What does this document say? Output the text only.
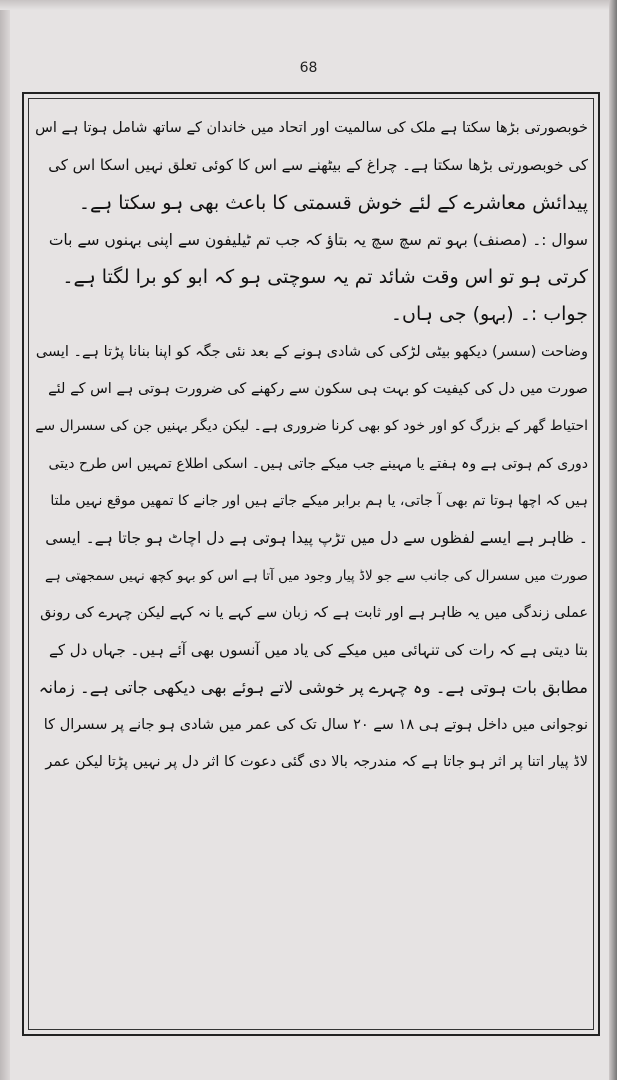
68
خوبصورتی بڑھا سکتا ہے ملک کی سالمیت اور اتحاد میں خاندان کے ساتھ شامل ہوتا ہے اس
کی خوبصورتی بڑھا سکتا ہے۔ چراغ کے بیٹھنے سے اس کا کوئی تعلق نہیں اسکا اس کی
پیدائش معاشرے کے لئے خوش قسمتی کا باعث بھی ہو سکتا ہے۔
سوال :۔ (مصنف) بہو تم سچ سچ یہ بتاؤ کہ جب تم ٹیلیفون سے اپنی بہنوں سے بات
کرتی ہو تو اس وقت شائد تم یہ سوچتی ہو کہ ابو کو برا لگتا ہے۔
جواب :۔ (بہو) جی ہاں۔
وضاحت (سسر) دیکھو بیٹی لڑکی کی شادی ہونے کے بعد نئی جگہ کو اپنا بنانا پڑتا ہے۔ ایسی
صورت میں دل کی کیفیت کو بہت ہی سکون سے رکھنے کی ضرورت ہوتی ہے اس کے لئے
احتیاط گھر کے بزرگ کو اور خود کو بھی کرنا ضروری ہے۔ لیکن دیگر بہنیں جن کی سسرال سے
دوری کم ہوتی ہے وہ ہفتے یا مہینے جب میکے جاتی ہیں۔ اسکی اطلاع تمہیں اس طرح دیتی
ہیں کہ اچھا ہوتا تم بھی آ جاتی، یا ہم برابر میکے جاتے ہیں اور جانے کا تمھیں موقع نہیں ملتا
۔ ظاہر ہے ایسے لفظوں سے دل میں تڑپ پیدا ہوتی ہے دل اچاٹ ہو جاتا ہے۔ ایسی
صورت میں سسرال کی جانب سے جو لاڈ پیار وجود میں آتا ہے اس کو بہو کچھ نہیں سمجھتی ہے
عملی زندگی میں یہ ظاہر ہے اور ثابت ہے کہ زبان سے کہے یا نہ کہے لیکن چہرے کی رونق
بتا دیتی ہے کہ رات کی تنہائی میں میکے کی یاد میں آنسوں بھی آئے ہیں۔ جہاں دل کے
مطابق بات ہوتی ہے۔ وہ چہرے پر خوشی لاتے ہوئے بھی دیکھی جاتی ہے۔ زمانہ
نوجوانی میں داخل ہوتے ہی ۱۸ سے ۲۰ سال تک کی عمر میں شادی ہو جانے پر سسرال کا
لاڈ پیار اتنا پر اثر ہو جاتا ہے کہ مندرجہ بالا دی گئی دعوت کا اثر دل پر نہیں پڑتا لیکن عمر
